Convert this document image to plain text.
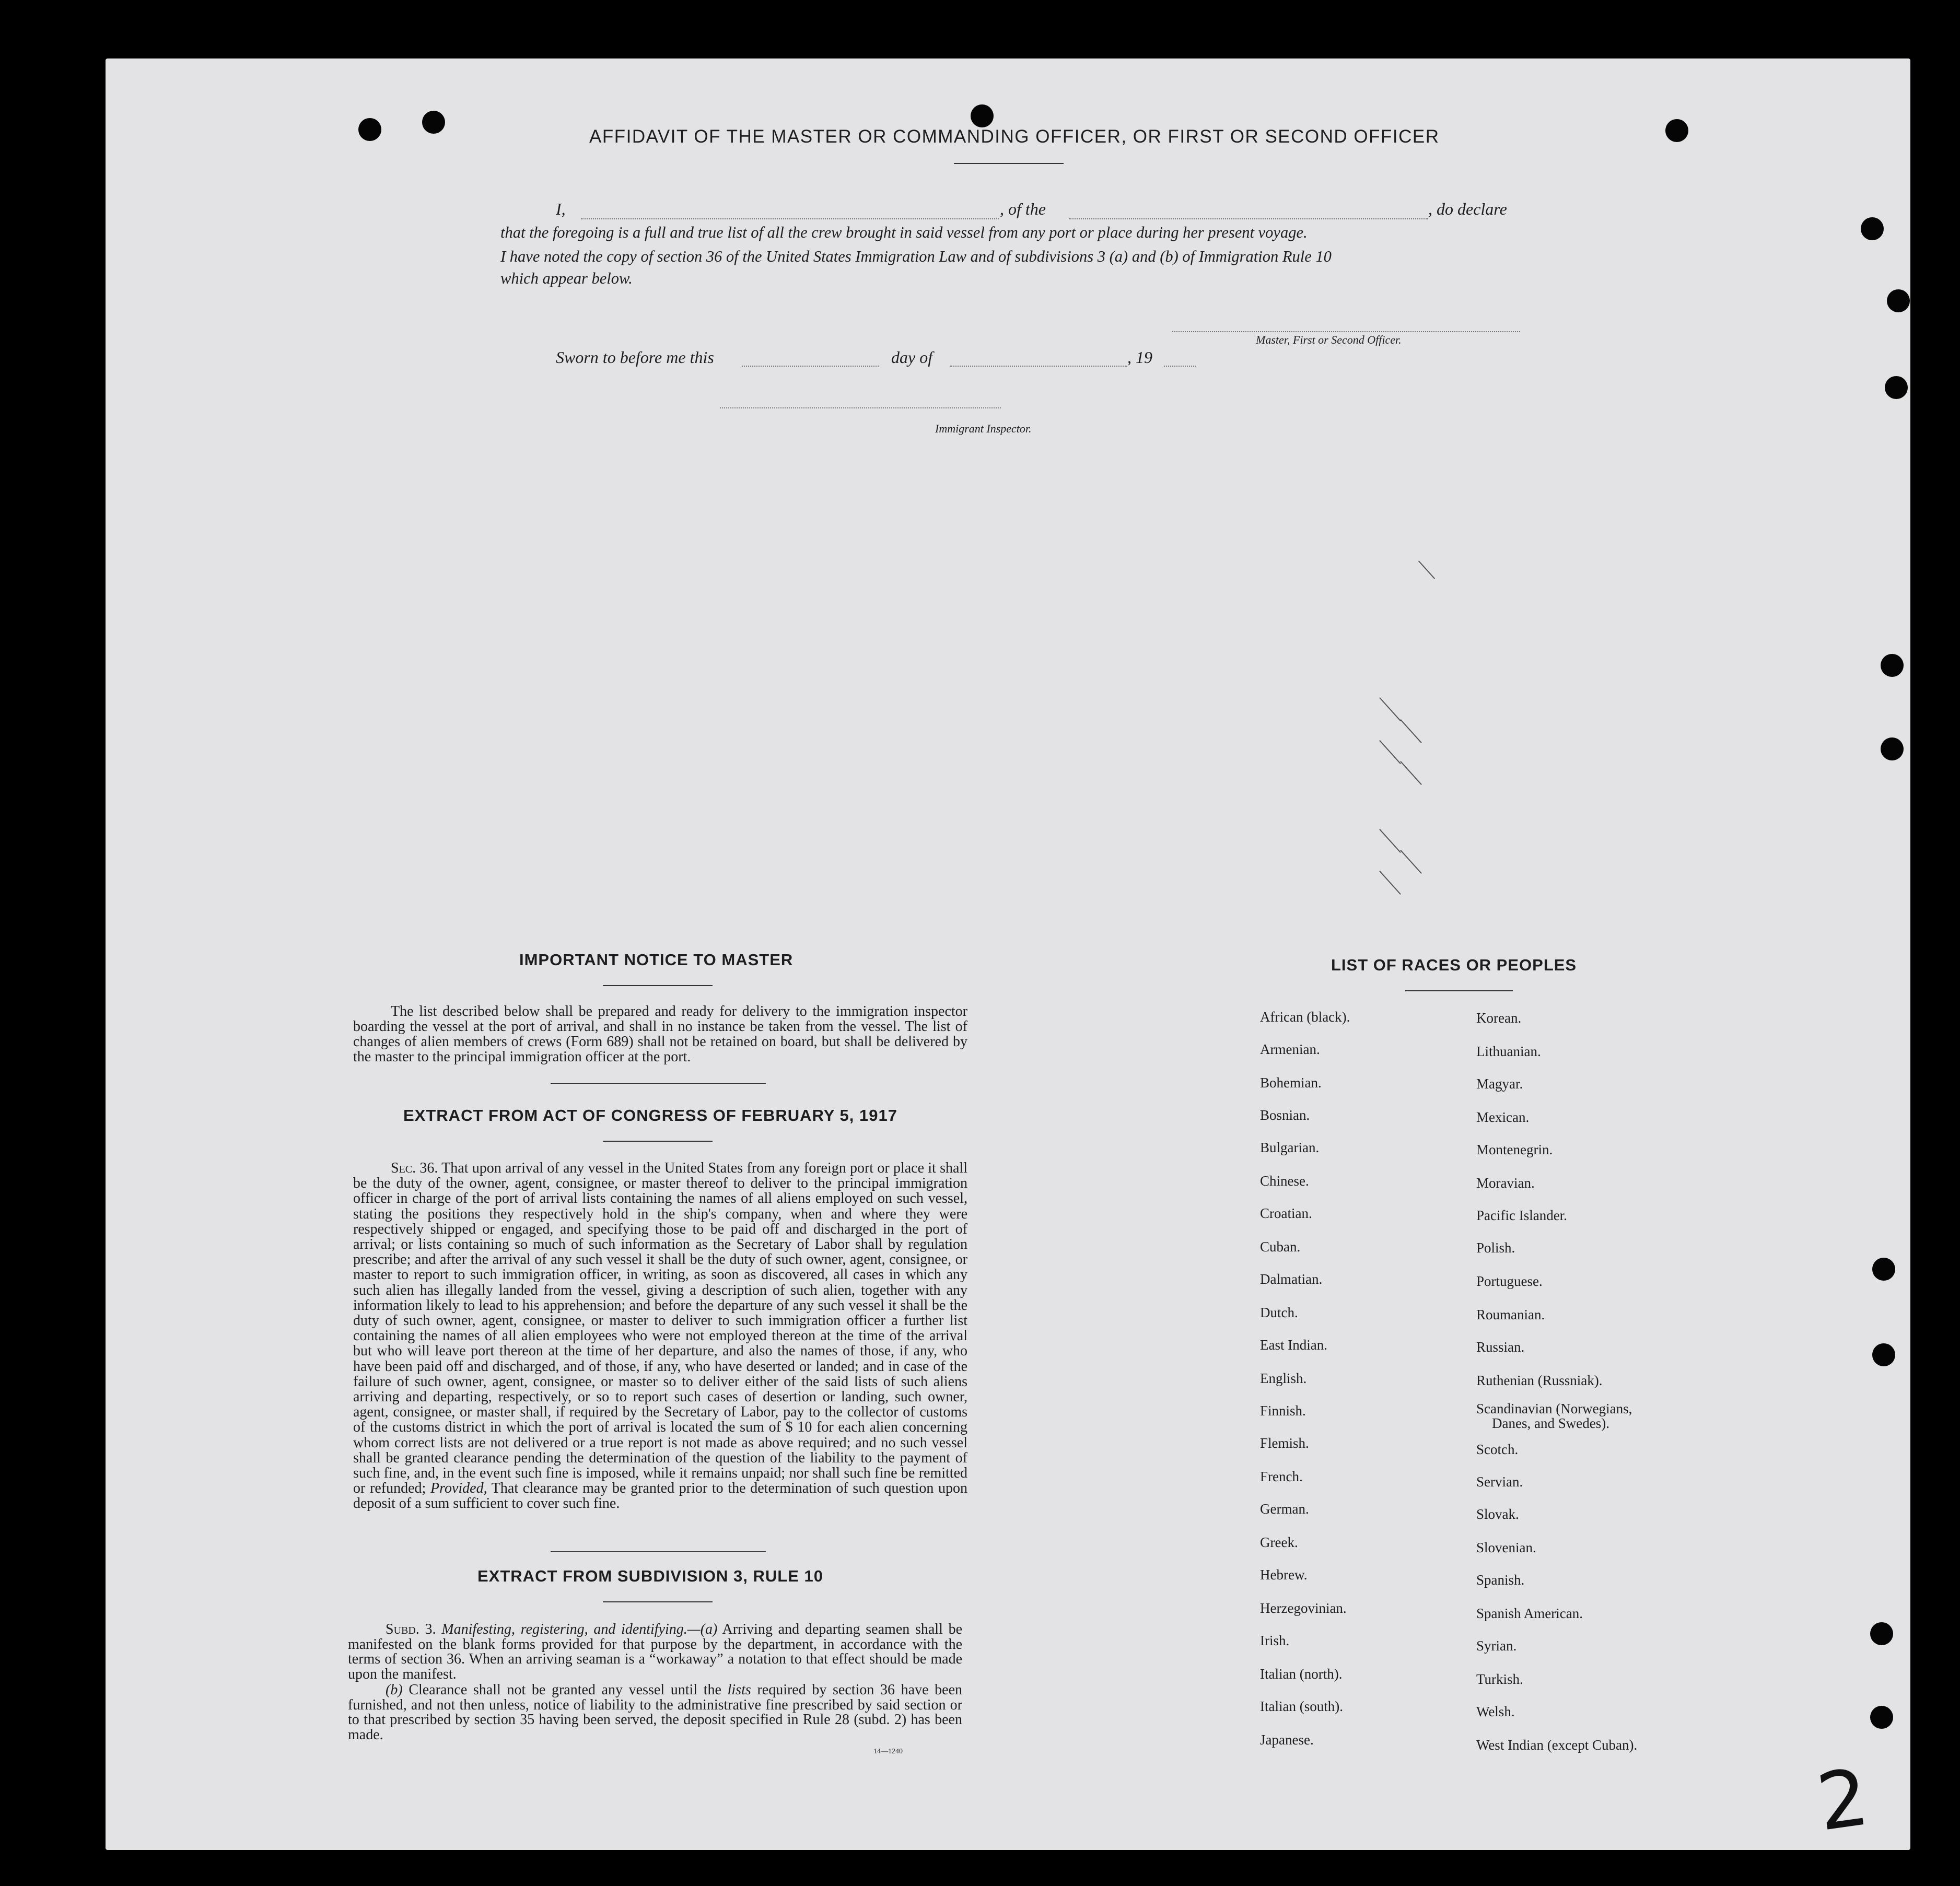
AFFIDAVIT OF THE MASTER OR COMMANDING OFFICER, OR FIRST OR SECOND OFFICER
I,	, of the	, do declare
that the foregoing is a full and true list of all the crew brought in said vessel from any port or place during her present voyage.
I have noted the copy of section 36 of the United States Immigration Law and of subdivisions 3 (a) and (b) of Immigration Rule 10
which appear below.
Master, First or Second Officer.
Sworn to before me this	day of	, 19
Immigrant Inspector.
IMPORTANT NOTICE TO MASTER
The list described below shall be prepared and ready for delivery to the immigration inspector boarding the vessel at the port of arrival, and shall in no instance be taken from the vessel. The list of changes of alien members of crews (Form 689) shall not be retained on board, but shall be delivered by the master to the principal immigration officer at the port.
EXTRACT FROM ACT OF CONGRESS OF FEBRUARY 5, 1917
Sec. 36. That upon arrival of any vessel in the United States from any foreign port or place it shall be the duty of the owner, agent, consignee, or master thereof to deliver to the principal immigration officer in charge of the port of arrival lists containing the names of all aliens employed on such vessel, stating the positions they respectively hold in the ship's company, when and where they were respectively shipped or engaged, and specifying those to be paid off and discharged in the port of arrival; or lists containing so much of such information as the Secretary of Labor shall by regulation prescribe; and after the arrival of any such vessel it shall be the duty of such owner, agent, consignee, or master to report to such immigration officer, in writing, as soon as discovered, all cases in which any such alien has illegally landed from the vessel, giving a description of such alien, together with any information likely to lead to his apprehension; and before the departure of any such vessel it shall be the duty of such owner, agent, consignee, or master to deliver to such immigration officer a further list containing the names of all alien employees who were not employed thereon at the time of the arrival but who will leave port thereon at the time of her departure, and also the names of those, if any, who have been paid off and discharged, and of those, if any, who have deserted or landed; and in case of the failure of such owner, agent, consignee, or master so to deliver either of the said lists of such aliens arriving and departing, respectively, or so to report such cases of desertion or landing, such owner, agent, consignee, or master shall, if required by the Secretary of Labor, pay to the collector of customs of the customs district in which the port of arrival is located the sum of $ 10 for each alien concerning whom correct lists are not delivered or a true report is not made as above required; and no such vessel shall be granted clearance pending the determination of the question of the liability to the payment of such fine, and, in the event such fine is imposed, while it remains unpaid; nor shall such fine be remitted or refunded; Provided, That clearance may be granted prior to the determination of such question upon deposit of a sum sufficient to cover such fine.
EXTRACT FROM SUBDIVISION 3, RULE 10
Subd. 3. Manifesting, registering, and identifying.—(a) Arriving and departing seamen shall be manifested on the blank forms provided for that purpose by the department, in accordance with the terms of section 36. When an arriving seaman is a “workaway” a notation to that effect should be made upon the manifest.
(b) Clearance shall not be granted any vessel until the lists required by section 36 have been furnished, and not then unless, notice of liability to the administrative fine prescribed by said section or to that prescribed by section 35 having been served, the deposit specified in Rule 28 (subd. 2) has been made.
14—1240
LIST OF RACES OR PEOPLES
African (black).
Armenian.
Bohemian.
Bosnian.
Bulgarian.
Chinese.
Croatian.
Cuban.
Dalmatian.
Dutch.
East Indian.
English.
Finnish.
Flemish.
French.
German.
Greek.
Hebrew.
Herzegovinian.
Irish.
Italian (north).
Italian (south).
Japanese.
Korean.
Lithuanian.
Magyar.
Mexican.
Montenegrin.
Moravian.
Pacific Islander.
Polish.
Portuguese.
Roumanian.
Russian.
Ruthenian (Russniak).
Scandinavian (Norwegians,
Scotch.
Servian.
Slovak.
Slovenian.
Spanish.
Spanish American.
Syrian.
Turkish.
Welsh.
West Indian (except Cuban).
Danes, and Swedes).
2
